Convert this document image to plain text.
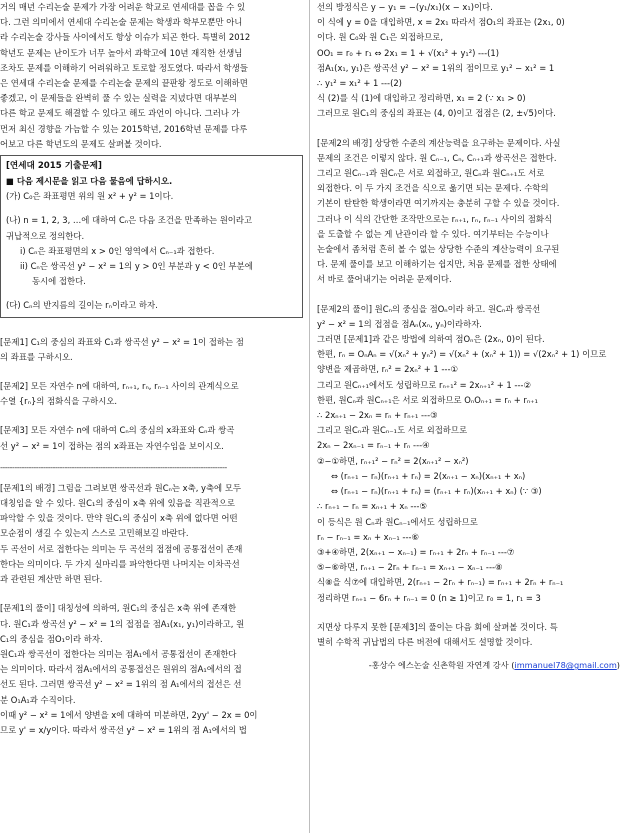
거의 매년 수리논술 문제가 가장 어려운 학교로 연세대를 꼽을 수 있

다. 그런 의미에서 연세대 수리논술 문제는 학생과 학부모뿐만 아니

라 수리논술 강사들 사이에서도 항상 이슈가 되곤 한다. 특별히 2012

학년도 문제는 난이도가 너무 높아서 과학고에 10년 재직한 선생님

조차도 문제를 이해하기 어려워하고 토로할 정도였다. 따라서 학생들

은 연세대 수리논술 문제를 수리논술 문제의 끝판왕 정도로 이해하면

좋겠고, 이 문제들을 완벽히 풀 수 있는 실력을 지녔다면 대부분의

다른 학교 문제도 해결할 수 있다고 해도 과언이 아니다. 그러나 가

먼저 최신 경향을 가늠할 수 있는 2015학년, 2016학년 문제를 다루

어보고 다른 학년도의 문제도 살펴볼 것이다.

[연세대 2015 기출문제]

■ 다음 제시문을 읽고 다음 물음에 답하시오.

(가) C₀은 좌표평면 위의 원 x² + y² = 1이다.

(나) n = 1, 2, 3, …에 대하여 Cₙ은 다음 조건을 만족하는 원이라고

귀납적으로 정의한다.

i) Cₙ은 좌표평면의 x > 0인 영역에서 Cₙ₋₁과 접한다.

ii) Cₙ은 쌍곡선 y² − x² = 1의 y > 0인 부분과 y < 0인 부분에

동시에 접한다.

(다) Cₙ의 반지름의 길이는 rₙ이라고 하자.

[문제1] C₁의 중심의 좌표와 C₁과 쌍곡선 y² − x² = 1이 접하는 점

의 좌표를 구하시오.

[문제2] 모든 자연수 n에 대하여, rₙ₊₁, rₙ, rₙ₋₁ 사이의 관계식으로

수열 {rₙ}의 점화식을 구하시오.

[문제3] 모든 자연수 n에 대하여 Cₙ의 중심의 x좌표와 Cₙ과 쌍곡

선 y² − x² = 1이 접하는 점의 x좌표는 자연수임을 보이시오.

-----------------------------------------------------------------------------------------------

[문제1의 배경] 그림을 그려보면 쌍곡선과 원Cₙ는 x축, y축에 모두

대칭임을 알 수 있다. 원C₁의 중심이 x축 위에 있음을 직관적으로

파악할 수 있을 것이다. 만약 원C₁의 중심이 x축 위에 없다면 어떤

모순점이 생길 수 있는지 스스로 고민해보길 바란다.

두 곡선이 서로 접한다는 의미는 두 곡선의 접점에 공통접선이 존재

한다는 의미이다. 두 가지 실마리를 파악한다면 나머지는 이차곡선

과 관련된 계산만 하면 된다.

[문제1의 풀이] 대칭성에 의하여, 원C₁의 중심은 x축 위에 존재한

다. 원C₁과 쌍곡선 y² − x² = 1의 접점을 점A₁(x₁, y₁)이라하고, 원

C₁의 중심을 점O₁이라 하자.

원C₁과 쌍곡선이 접한다는 의미는 점A₁에서 공통접선이 존재한다

는 의미이다. 따라서 점A₁에서의 공통접선은 원위의 점A₁에서의 접

선도 된다. 그러면 쌍곡선 y² − x² = 1위의 점 A₁에서의 접선은 선

분 O₁A₁과 수직이다.

이때 y² − x² = 1에서 양변을 x에 대하여 미분하면, 2yy' − 2x = 0이

므로 y' = x/y이다. 따라서 쌍곡선 y² − x² = 1위의 점 A₁에서의 법

선의 방정식은 y − y₁ = −(y₁/x₁)(x − x₁)이다.

이 식에 y = 0을 대입하면, x = 2x₁ 따라서 점O₁의 좌표는 (2x₁, 0)

이다. 원 C₀와 원 C₁은 외접하므로,

OO₁ = r₀ + r₁ ⇔ 2x₁ = 1 + √(x₁² + y₁²) ---(1)

점A₁(x₁, y₁)은 쌍곡선 y² − x² = 1위의 점이므로 y₁² − x₁² = 1

∴ y₁² = x₁² + 1 ---(2)

식 (2)를 식 (1)에 대입하고 정리하면, x₁ = 2 (∵ x₁ > 0)

그러므로 원C₁의 중심의 좌표는 (4, 0)이고 접점은 (2, ±√5)이다.

[문제2의 배경] 상당한 수준의 계산능력을 요구하는 문제이다. 사실

문제의 조건은 이렇지 않다. 원 Cₙ₋₁, Cₙ, Cₙ₊₁과 쌍곡선은 접한다.

그리고 원Cₙ₋₁과 원Cₙ은 서로 외접하고, 원Cₙ과 원Cₙ₊₁도 서로

외접한다. 이 두 가지 조건을 식으로 옮기면 되는 문제다. 수학의

기본이 탄탄한 학생이라면 여기까지는 충분히 구할 수 있을 것이다.

그러나 이 식의 간단한 조작만으로는 rₙ₊₁, rₙ, rₙ₋₁ 사이의 점화식

을 도출할 수 없는 게 난관이라 할 수 있다. 여기부터는 수능이나

논술에서 좀처럼 흔히 볼 수 없는 상당한 수준의 계산능력이 요구된

다. 문제 풀이를 보고 이해하기는 쉽지만, 처음 문제를 접한 상태에

서 바로 풀어내기는 어려운 문제이다.

[문제2의 풀이] 원Cₙ의 중심을 점Oₙ이라 하고. 원Cₙ과 쌍곡선

y² − x² = 1의 접점을 점Aₙ(xₙ, yₙ)이라하자.

그러면 [문제1]과 같은 방법에 의하여 점Oₙ은 (2xₙ, 0)이 된다.

한편, rₙ = OₙAₙ = √(xₙ² + yₙ²) = √(xₙ² + (xₙ² + 1)) = √(2xₙ² + 1) 이므로

양변을 제곱하면, rₙ² = 2xₙ² + 1 ---①

그리고 원Cₙ₊₁에서도 성립하므로 rₙ₊₁² = 2xₙ₊₁² + 1 ---②

한편, 원Cₙ과 원Cₙ₊₁은 서로 외접하므로 OₙOₙ₊₁ = rₙ + rₙ₊₁

∴ 2xₙ₊₁ − 2xₙ = rₙ + rₙ₊₁ ---③

그리고 원Cₙ과 원Cₙ₋₁도 서로 외접하므로

2xₙ − 2xₙ₋₁ = rₙ₋₁ + rₙ ---④

②−①하면, rₙ₊₁² − rₙ² = 2(xₙ₊₁² − xₙ²)

⇔ (rₙ₊₁ − rₙ)(rₙ₊₁ + rₙ) = 2(xₙ₊₁ − xₙ)(xₙ₊₁ + xₙ)

⇔ (rₙ₊₁ − rₙ)(rₙ₊₁ + rₙ) = (rₙ₊₁ + rₙ)(xₙ₊₁ + xₙ) (∵ ③)

∴ rₙ₊₁ − rₙ = xₙ₊₁ + xₙ ---⑤

이 등식은 원 Cₙ과 원Cₙ₋₁에서도 성립하므로

rₙ − rₙ₋₁ = xₙ + xₙ₋₁ ---⑥

③+④하면, 2(xₙ₊₁ − xₙ₋₁) = rₙ₊₁ + 2rₙ + rₙ₋₁ ---⑦

⑤−⑥하면, rₙ₊₁ − 2rₙ + rₙ₋₁ = xₙ₊₁ − xₙ₋₁ ---⑧

식⑧을 식⑦에 대입하면, 2(rₙ₊₁ − 2rₙ + rₙ₋₁) = rₙ₊₁ + 2rₙ + rₙ₋₁

정리하면 rₙ₊₁ − 6rₙ + rₙ₋₁ = 0 (n ≥ 1)이고 r₀ = 1, r₁ = 3

지면상 다루지 못한 [문제3]의 풀이는 다음 회에 살펴볼 것이다. 특

별히 수학적 귀납법의 다른 버전에 대해서도 설명할 것이다.

-홍상수 에스논술 신촌학원 자연계 강사 (immanuel78@gmail.com)
